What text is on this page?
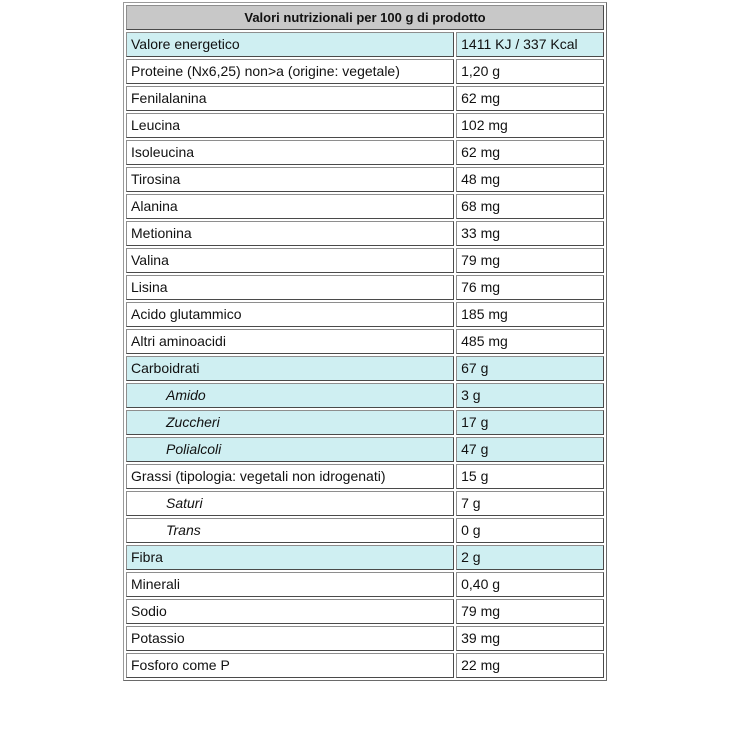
Valori nutrizionali per 100 g di prodotto	
Valore energetico	1411 KJ / 337 Kcal
Proteine (Nx6,25) non>a (origine: vegetale)	1,20 g
Fenilalanina	62 mg
Leucina	102 mg
Isoleucina	62 mg
Tirosina	48 mg
Alanina	68 mg
Metionina	33 mg
Valina	79 mg
Lisina	76 mg
Acido glutammico	185 mg
Altri aminoacidi	485 mg
Carboidrati	67 g
Amido	3 g
Zuccheri	17 g
Polialcoli	47 g
Grassi (tipologia: vegetali non idrogenati)	15 g
Saturi	7 g
Trans	0 g
Fibra	2 g
Minerali	0,40 g
Sodio	79 mg
Potassio	39 mg
Fosforo come P	22 mg
